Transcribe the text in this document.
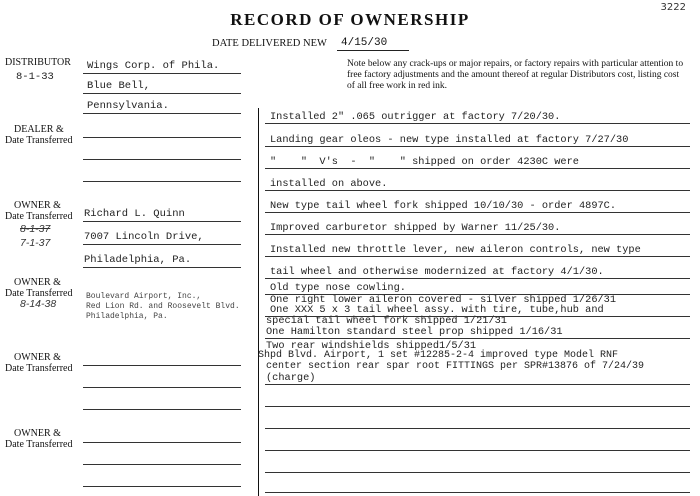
3222
RECORD OF OWNERSHIP
DATE DELIVERED NEW 4/15/30
Note below any crack-ups or major repairs, or factory repairs with particular attention to free factory adjustments and the amount thereof at regular Distributors cost, listing cost of all free work in red ink.
DISTRIBUTOR
8-1-33
Wings Corp. of Phila.
Blue Bell,
Pennsylvania.
DEALER &
Date Transferred
OWNER &
Date Transferred
8-1-37
7-1-37
Richard L. Quinn
7007 Lincoln Drive,
Philadelphia, Pa.
OWNER &
Date Transferred
8-14-38
Boulevard Airport, Inc.,
Red Lion Rd. and Roosevelt Blvd.
Philadelphia, Pa.
OWNER &
Date Transferred
OWNER &
Date Transferred
Installed 2" .065 outrigger at factory 7/20/30.
Landing gear oleos - new type installed at factory 7/27/30
"    "  V's  -  "    " shipped on order 4230C were
installed on above.
New type tail wheel fork shipped 10/10/30 - order 4897C.
Improved carburetor shipped by Warner 11/25/30.
Installed new throttle lever, new aileron controls, new type
tail wheel and otherwise modernized at factory 4/1/30.
Old type nose cowling.
One right lower aileron covered - silver shipped 1/26/31
One XXX 5 x 3 tail wheel assy. with tire, tube,hub and
special tail wheel fork shipped 1/21/31
One Hamilton standard steel prop shipped 1/16/31
Two rear windshields shipped1/5/31
Shpd Blvd. Airport, 1 set #12285-2-4 improved type Model RNF
center section rear spar root FITTINGS per SPR#13876 of 7/24/39
(charge)
